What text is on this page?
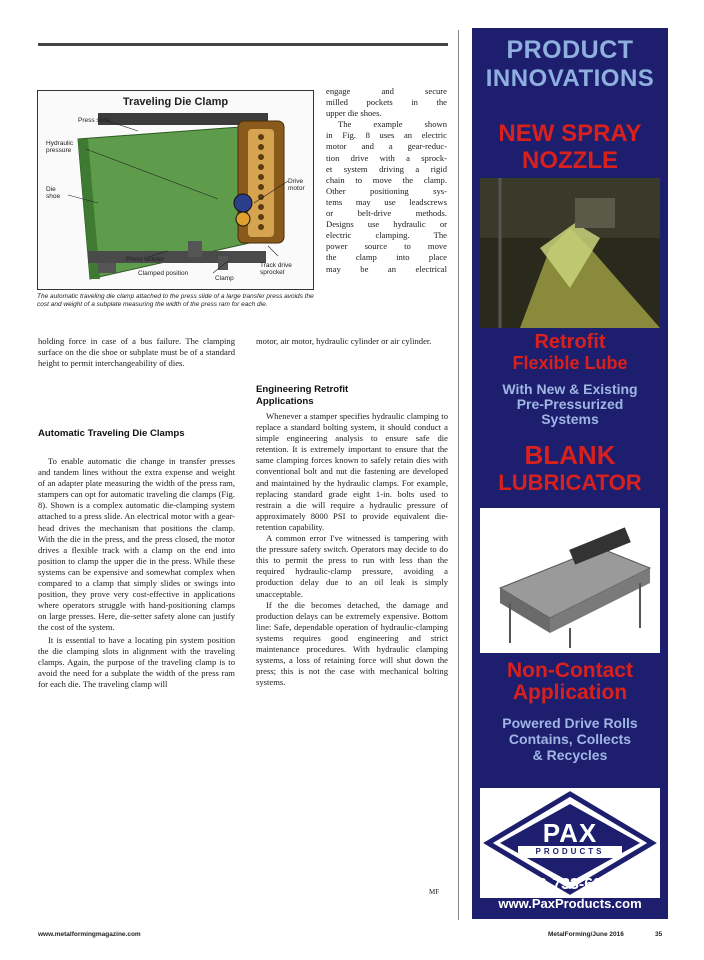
Traveling Die Clamp
Press slide
Hydraulic
pressure
Die
shoe
Drive
motor
Press bolster
Clamped position
Clamp
Track drive
sprocket
The automatic traveling die clamp attached to the press slide of a large transfer press avoids the cost and weight of a subplate measuring the width of the press ram for each die.
engage and secure
milled pockets in the
upper die shoes.
The example shown
in Fig. 8 uses an electric
motor and a gear-reduc-
tion drive with a sprock-
et system driving a rigid
chain to move the clamp.
Other positioning sys-
tems may use leadscrews
or belt-drive methods.
Designs use hydraulic or
electric clamping. The
power source to move
the clamp into place
may be an electrical
holding force in case of a bus failure. The clamping surface on the die shoe or subplate must be of a standard height to permit interchangeability of dies.
Automatic Traveling Die Clamps

To enable automatic die change in transfer presses and tandem lines without the extra expense and weight of an adapter plate measuring the width of the press ram, stampers can opt for automatic traveling die clamps (Fig. 8). Shown is a complex automatic die-clamping system attached to a press slide. An electrical motor with a gear-head drives the mechanism that positions the clamp. With the die in the press, and the press closed, the motor drives a flexible track with a clamp on the end into position to clamp the upper die in the press. While these systems can be expensive and somewhat complex when compared to a clamp that simply slides or swings into position, they prove very cost-effective in applications where operators struggle with hand-positioning clamps on large presses. Here, die-setter safety alone can justify the cost of the system.

It is essential to have a locating pin system position the die clamping slots in alignment with the traveling clamps. Again, the purpose of the traveling clamp is to avoid the need for a subplate the width of the press ram for each die. The traveling clamp will

motor, air motor, hydraulic cylinder or air cylinder.
Engineering Retrofit Applications

Whenever a stamper specifies hydraulic clamping to replace a standard bolting system, it should conduct a simple engineering analysis to ensure safe die retention. It is extremely important to ensure that the same clamping forces known to safely retain dies with conventional bolt and nut die fastening are developed and maintained by the hydraulic clamps. For example, replacing standard grade eight 1-in. bolts used to restrain a die will require a hydraulic pressure of approximately 8000 PSI to provide equivalent die-retention capability.

A common error I've witnessed is tampering with the pressure safety switch. Operators may decide to do this to permit the press to run with less than the required hydraulic-clamp pressure, avoiding a production delay due to an oil leak is simply unacceptable.

If the die becomes detached, the damage and production delays can be extremely expensive. Bottom line: Safe, dependable operation of hydraulic-clamping systems requires good engineering and strict maintenance procedures. With hydraulic clamping systems, a loss of retaining force will shut down the press; this is not the case with mechanical bolting systems.

MF
www.metalformingmagazine.com	MetalForming/June 2016	35
PRODUCT
INNOVATIONS
NEW SPRAY
NOZZLE
Retrofit
Flexible Lube
With New & Existing
Pre-Pressurized
Systems
BLANK
LUBRICATOR
Non-Contact
Application
Powered Drive Rolls
Contains, Collects
& Recycles
PAX
PRODUCTS
800-733-6930
www.PaxProducts.com
